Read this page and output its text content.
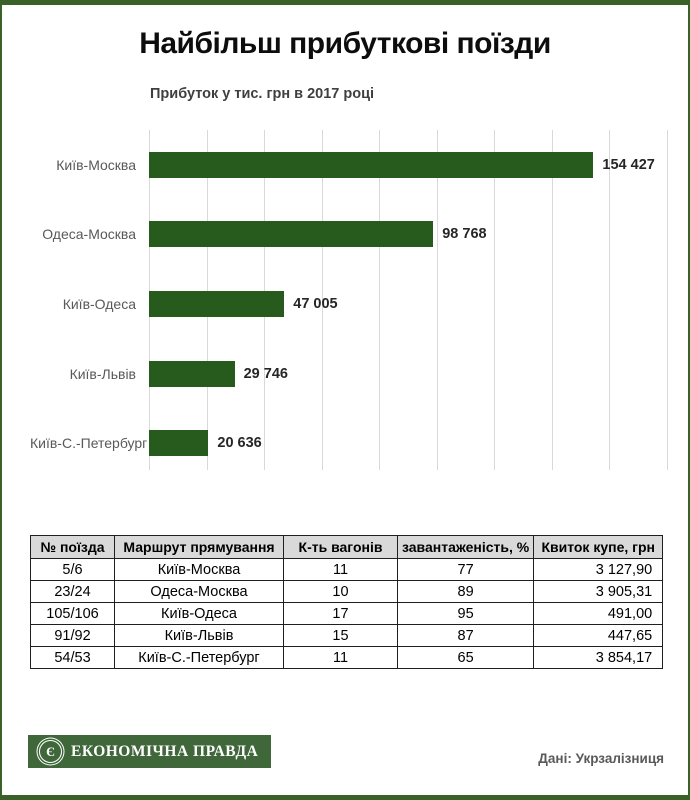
Найбільш прибуткові поїзди
Прибуток у тис. грн в 2017 році
Київ-Москва	154 427
Одеса-Москва	98 768
Київ-Одеса	47 005
Київ-Львів	29 746
Київ-С.-Петербург	20 636
№ поїзда	Маршрут прямування	К-ть вагонів	завантаженість, %	Квиток купе, грн
5/6	Київ-Москва	11	77	3 127,90
23/24	Одеса-Москва	10	89	3 905,31
105/106	Київ-Одеса	17	95	491,00
91/92	Київ-Львів	15	87	447,65
54/53	Київ-С.-Петербург	11	65	3 854,17
Є	ЕКОНОМІЧНА ПРАВДА	Дані: Укрзалізниця
